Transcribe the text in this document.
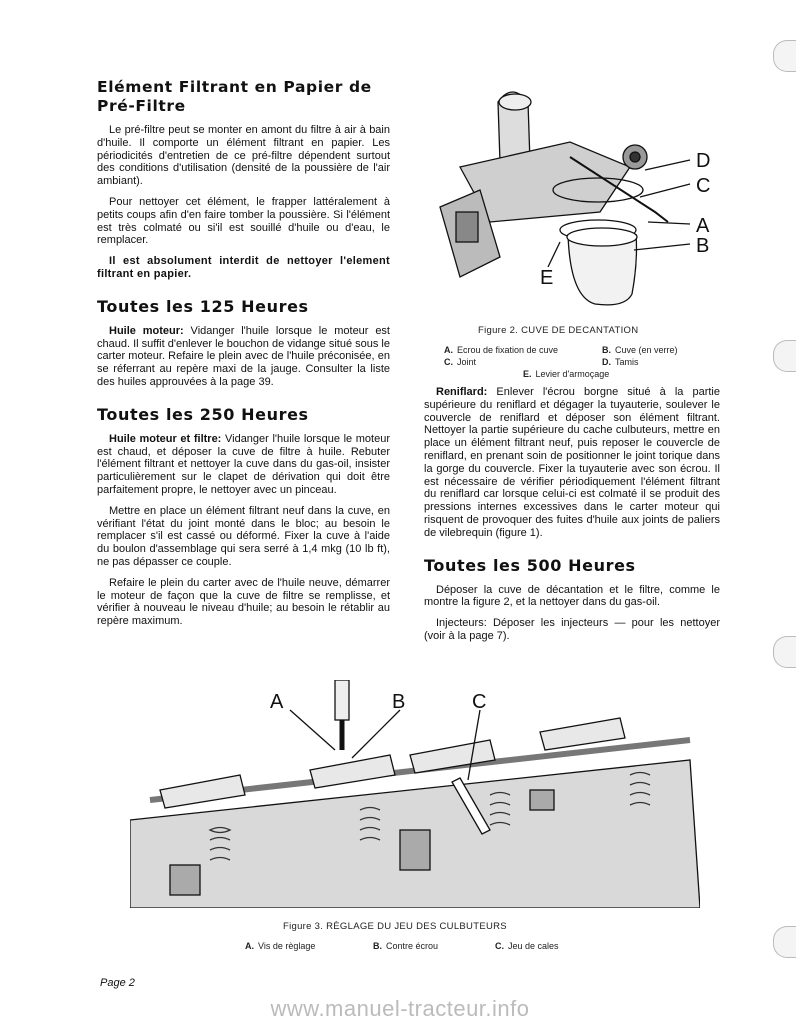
Elément Filtrant en Papier de Pré-Filtre

Le pré-filtre peut se monter en amont du filtre à air à bain d'huile. Il comporte un élément filtrant en papier. Les périodicités d'entretien de ce pré-filtre dépendent surtout des conditions d'utilisation (densité de la poussière de l'air ambiant).

Pour nettoyer cet élément, le frapper lattéralement à petits coups afin d'en faire tomber la poussière. Si l'élément est très colmaté ou si'il est souillé d'huile ou d'eau, le remplacer.

Il est absolument interdit de nettoyer l'element filtrant en papier.

Toutes les 125 Heures

Huile moteur: Vidanger l'huile lorsque le moteur est chaud. Il suffit d'enlever le bouchon de vidange situé sous le carter moteur. Refaire le plein avec de l'huile préconisée, en se réferrant au repère maxi de la jauge. Consulter la liste des huiles approuvées à la page 39.

Toutes les 250 Heures

Huile moteur et filtre: Vidanger l'huile lorsque le moteur est chaud, et déposer la cuve de filtre à huile. Rebuter l'élément filtrant et nettoyer la cuve dans du gas-oil, insister particulièrement sur le clapet de dérivation qui doit être parfaitement propre, le nettoyer avec un pinceau.

Mettre en place un élément filtrant neuf dans la cuve, en vérifiant l'état du joint monté dans le bloc; au besoin le remplacer s'il est cassé ou déformé. Fixer la cuve à l'aide du boulon d'assemblage qui sera serré à 1,4 mkg (10 lb ft), ne pas dépasser ce couple.

Refaire le plein du carter avec de l'huile neuve, démarrer le moteur de façon que la cuve de filtre se remplisse, et vérifier à nouveau le niveau d'huile; au besoin le rétablir au repère maximum.

D
C
A
B
E
Figure 2. CUVE DE DECANTATION
A. Ecrou de fixation de cuve	B. Cuve (en verre)
C. Joint	D. Tamis
E. Levier d'armoçage

Reniflard: Enlever l'écrou borgne situé à la partie supérieure du reniflard et dégager la tuyauterie, soulever le couvercle de reniflard et déposer son élément filtrant. Nettoyer la partie supérieure du cache culbuteurs, mettre en place un élément filtrant neuf, puis reposer le couvercle de reniflard, en prenant soin de positionner le joint torique dans la gorge du couvercle. Fixer la tuyauterie avec son écrou. Il est nécessaire de vérifier périodiquement l'élément filtrant du reniflard car lorsque celui-ci est colmaté il se produit des pressions internes excessives dans le carter moteur qui risquent de provoquer des fuites d'huile aux joints de paliers de vilebrequin (figure 1).

Toutes les 500 Heures

Déposer la cuve de décantation et le filtre, comme le montre la figure 2, et la nettoyer dans du gas-oil.

Injecteurs: Déposer les injecteurs — pour les nettoyer (voir à la page 7).

A	B	C
Figure 3. RÈGLAGE DU JEU DES CULBUTEURS
A. Vis de règlage	B. Contre écrou	C. Jeu de cales
Page 2
www.manuel-tracteur.info
